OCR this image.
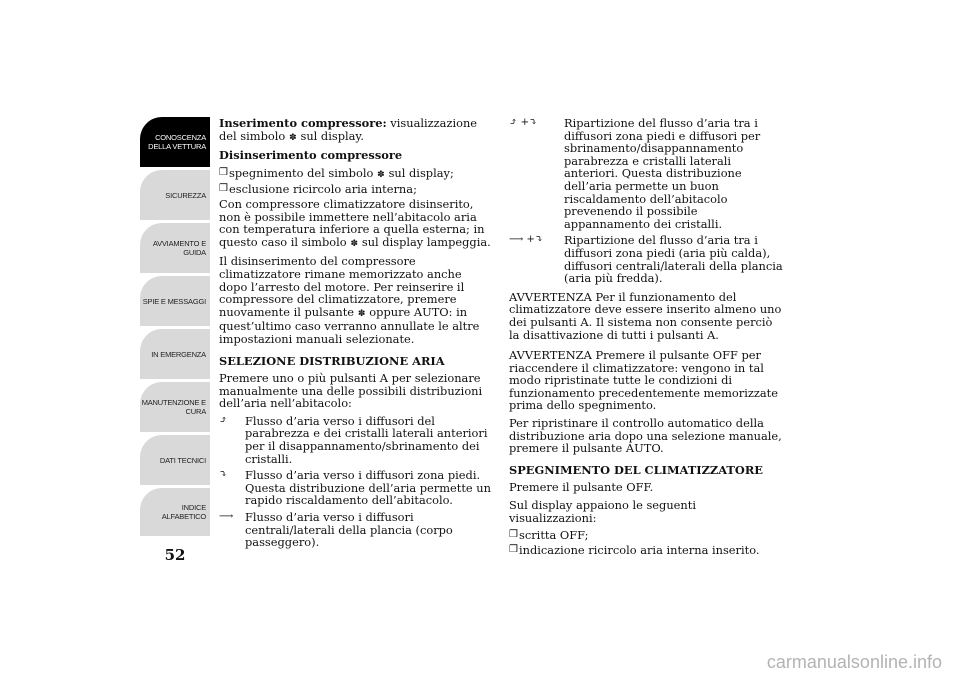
CONOSCENZA
DELLA VETTURA
SICUREZZA
AVVIAMENTO E
GUIDA
SPIE E MESSAGGI
IN EMERGENZA
MANUTENZIONE E
CURA
DATI TECNICI
INDICE
ALFABETICO
52

Inserimento compressore: visualizzazione del simbolo ✽ sul display.

Disinserimento compressore

❒ spegnimento del simbolo ✽ sul display;
❒ esclusione ricircolo aria interna;

Con compressore climatizzatore disinserito, non è possibile immettere nell’abitacolo aria con temperatura inferiore a quella esterna; in questo caso il simbolo ✽ sul display lampeggia.

Il disinserimento del compressore climatizzatore rimane memorizzato anche dopo l’arresto del motore. Per reinserire il compressore del climatizzatore, premere nuovamente il pulsante ✽ oppure AUTO: in quest’ultimo caso verranno annullate le altre impostazioni manuali selezionate.

SELEZIONE DISTRIBUZIONE ARIA

Premere uno o più pulsanti A per selezionare manualmente una delle possibili distribuzioni dell’aria nell’abitacolo:

⤴	Flusso d’aria verso i diffusori del parabrezza e dei cristalli laterali anteriori per il disappannamento/sbrinamento dei cristalli.
⤵	Flusso d’aria verso i diffusori zona piedi. Questa distribuzione dell’aria permette un rapido riscaldamento dell’abitacolo.
⟶	Flusso d’aria verso i diffusori centrali/laterali della plancia (corpo passeggero).
⤴ +⤵	Ripartizione del flusso d’aria tra i diffusori zona piedi e diffusori per sbrinamento/disappannamento parabrezza e cristalli laterali anteriori. Questa distribuzione dell’aria permette un buon riscaldamento dell’abitacolo prevenendo il possibile appannamento dei cristalli.
⟶ +⤵	Ripartizione del flusso d’aria tra i diffusori zona piedi (aria più calda), diffusori centrali/laterali della plancia (aria più fredda).

AVVERTENZA Per il funzionamento del climatizzatore deve essere inserito almeno uno dei pulsanti A. Il sistema non consente perciò la disattivazione di tutti i pulsanti A.

AVVERTENZA Premere il pulsante OFF per riaccendere il climatizzatore: vengono in tal modo ripristinate tutte le condizioni di funzionamento precedentemente memorizzate prima dello spegnimento.

Per ripristinare il controllo automatico della distribuzione aria dopo una selezione manuale, premere il pulsante AUTO.

SPEGNIMENTO DEL CLIMATIZZATORE

Premere il pulsante OFF.

Sul display appaiono le seguenti visualizzazioni:

❒ scritta OFF;
❒ indicazione ricircolo aria interna inserito.
carmanualsonline.info
